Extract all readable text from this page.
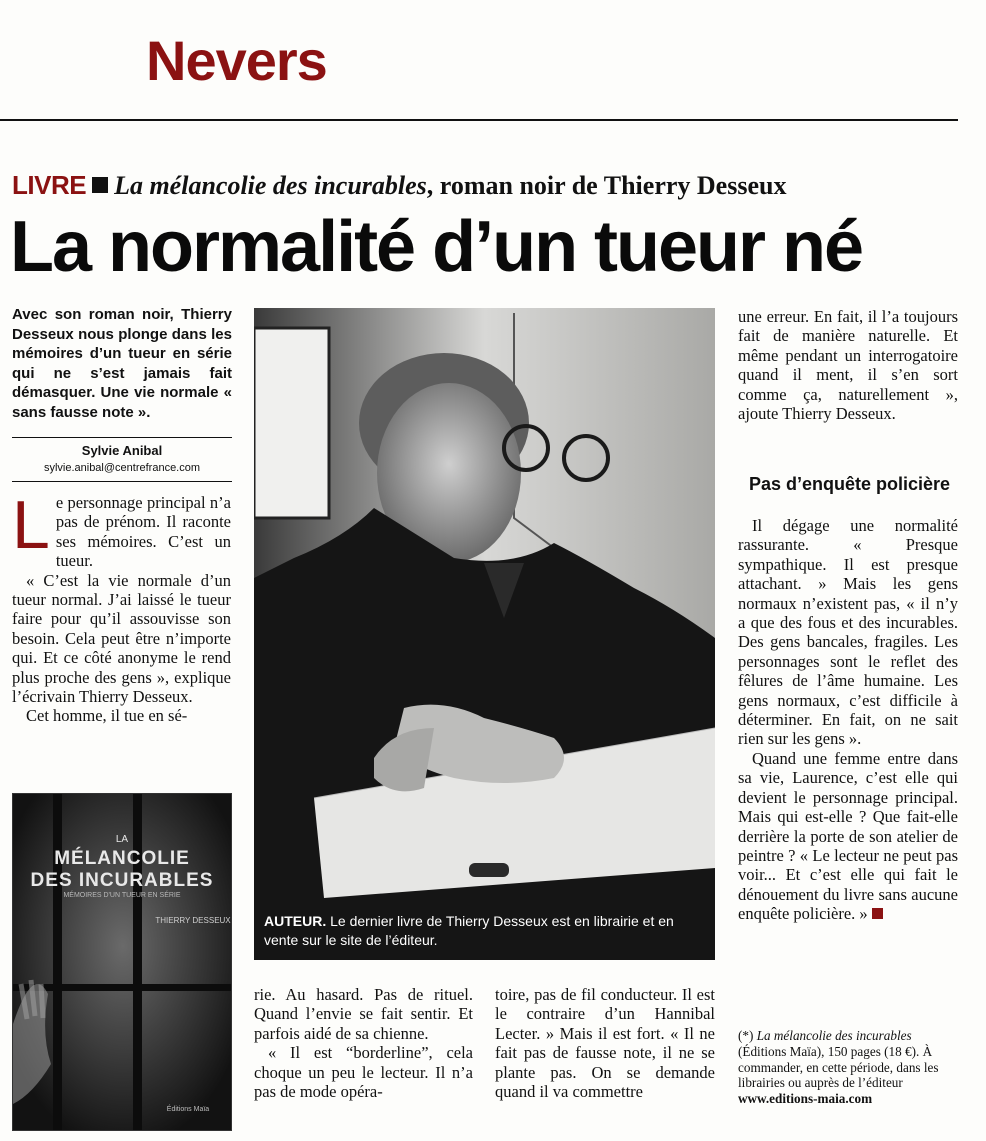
Nevers
LIVRE La mélancolie des incurables, roman noir de Thierry Desseux
La normalité d’un tueur né
Avec son roman noir, Thierry Desseux nous plonge dans les mémoires d’un tueur en série qui ne s’est jamais fait démasquer. Une vie normale « sans fausse note ».
Sylvie Anibal
sylvie.anibal@centrefrance.com
L e personnage principal n’a pas de prénom. Il raconte ses mémoires. C’est un tueur.

« C’est la vie normale d’un tueur normal. J’ai laissé le tueur faire pour qu’il assouvisse son besoin. Cela peut être n’importe qui. Et ce côté anonyme le rend plus proche des gens », explique l’écrivain Thierry Desseux.

Cet homme, il tue en sé-

LA
MÉLANCOLIE
DES INCURABLES
MÉMOIRES D'UN TUEUR EN SÉRIE
THIERRY DESSEUX
Éditions Maïa
AUTEUR. Le dernier livre de Thierry Desseux est en librairie et en vente sur le site de l’éditeur.

rie. Au hasard. Pas de rituel. Quand l’envie se fait sentir. Et parfois aidé de sa chienne.

« Il est “borderline”, cela choque un peu le lecteur. Il n’a pas de mode opéra-

toire, pas de fil conducteur. Il est le contraire d’un Hannibal Lecter. » Mais il est fort. « Il ne fait pas de fausse note, il ne se plante pas. On se demande quand il va commettre

une erreur. En fait, il l’a toujours fait de manière naturelle. Et même pendant un interrogatoire quand il ment, il s’en sort comme ça, naturellement », ajoute Thierry Desseux.

Pas d’enquête policière

Il dégage une normalité rassurante. « Presque sympathique. Il est presque attachant. » Mais les gens normaux n’existent pas, « il n’y a que des fous et des incurables. Des gens bancales, fragiles. Les personnages sont le reflet des fêlures de l’âme humaine. Les gens normaux, c’est difficile à déterminer. En fait, on ne sait rien sur les gens ».

Quand une femme entre dans sa vie, Laurence, c’est elle qui devient le personnage principal. Mais qui est-elle ? Que fait-elle derrière la porte de son atelier de peintre ? « Le lecteur ne peut pas voir... Et c’est elle qui fait le dénouement du livre sans aucune enquête policière. »

(*) La mélancolie des incurables (Éditions Maïa), 150 pages (18 €). À commander, en cette période, dans les librairies ou auprès de l’éditeur
www.editions-maia.com
